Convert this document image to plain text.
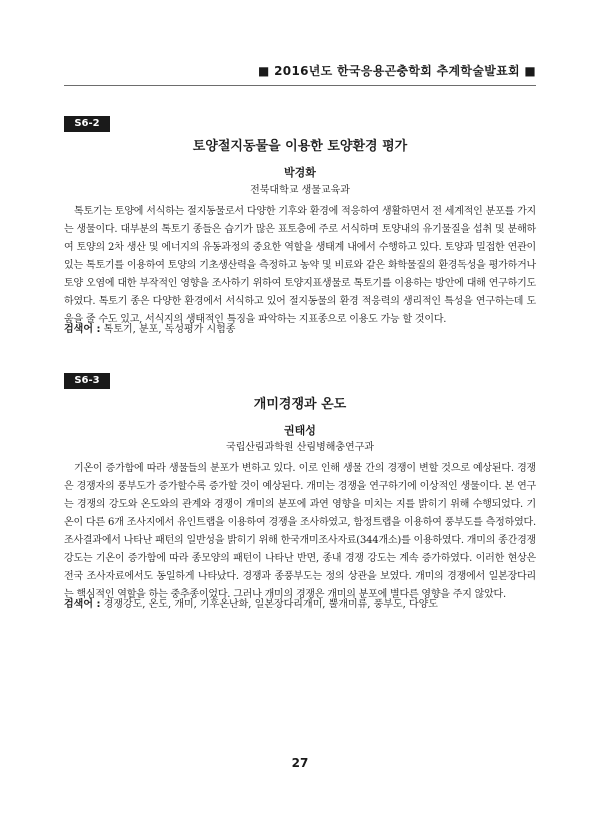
■ 2016년도 한국응용곤충학회 추계학술발표회 ■
S6-2
토양절지동물을 이용한 토양환경 평가
박경화
전북대학교 생물교육과

톡토기는 토양에 서식하는 절지동물로서 다양한 기후와 환경에 적응하여 생활하면서 전 세계적인 분포를 가지는 생물이다. 대부분의 톡토기 종들은 습기가 많은 표토층에 주로 서식하며 토양내의 유기물질을 섭취 및 분해하여 토양의 2차 생산 및 에너지의 유동과정의 중요한 역할을 생태계 내에서 수행하고 있다. 토양과 밀접한 연관이 있는 톡토기를 이용하여 토양의 기초생산력을 측정하고 농약 및 비료와 같은 화학물질의 환경독성을 평가하거나 토양 오염에 대한 부작적인 영향을 조사하기 위하여 토양지표생물로 톡토기를 이용하는 방안에 대해 연구하기도 하였다. 톡토기 종은 다양한 환경에서 서식하고 있어 절지동물의 환경 적응력의 생리적인 특성을 연구하는데 도움을 줄 수도 있고, 서식지의 생태적인 특징을 파악하는 지표종으로 이용도 가능 할 것이다.

검색어 : 톡토기, 분포, 독성평가 시험종
S6-3
개미경쟁과 온도
권태성
국립산림과학원 산림병해충연구과

기온이 증가함에 따라 생물들의 분포가 변하고 있다. 이로 인해 생물 간의 경쟁이 변할 것으로 예상된다. 경쟁은 경쟁자의 풍부도가 증가할수록 증가할 것이 예상된다. 개미는 경쟁을 연구하기에 이상적인 생물이다. 본 연구는 경쟁의 강도와 온도와의 관계와 경쟁이 개미의 분포에 과연 영향을 미치는 지를 밝히기 위해 수행되었다. 기온이 다른 6개 조사지에서 유인트랩을 이용하여 경쟁을 조사하였고, 함정트랩을 이용하여 풍부도를 측정하였다. 조사결과에서 나타난 패턴의 일반성을 밝히기 위해 한국개미조사자료(344개소)를 이용하였다. 개미의 종간경쟁 강도는 기온이 증가함에 따라 종모양의 패턴이 나타난 반면, 종내 경쟁 강도는 계속 증가하였다. 이러한 현상은 전국 조사자료에서도 동일하게 나타났다. 경쟁과 종풍부도는 정의 상관을 보였다. 개미의 경쟁에서 일본장다리는 핵심적인 역할을 하는 중추종이었다. 그러나 개미의 경쟁은 개미의 분포에 별다른 영향을 주지 않았다.

검색어 : 경쟁강도, 온도, 개미, 기후온난화, 일본장다리개미, 뿔개미류, 풍부도, 다양도
27
